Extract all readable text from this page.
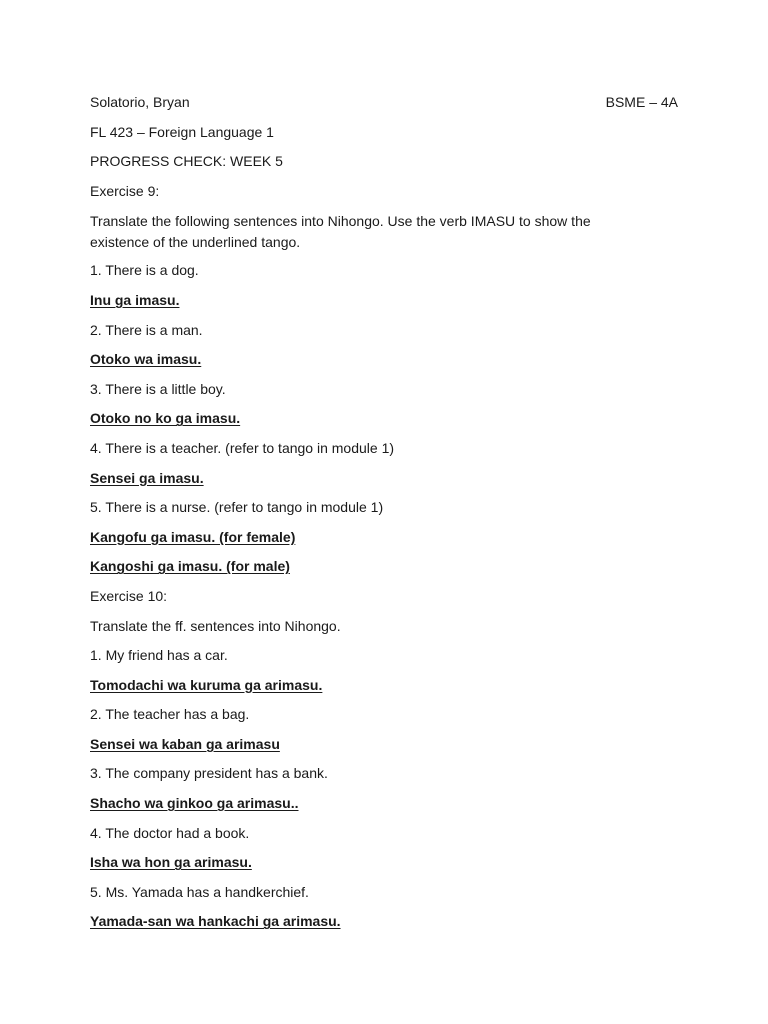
Solatorio, Bryan	BSME – 4A
FL 423 – Foreign Language 1
PROGRESS CHECK: WEEK 5
Exercise 9:
Translate the following sentences into Nihongo. Use the verb IMASU to show the existence of the underlined tango.
1. There is a dog.
Inu ga imasu.
2. There is a man.
Otoko wa imasu.
3. There is a little boy.
Otoko no ko ga imasu.
4. There is a teacher. (refer to tango in module 1)
Sensei ga imasu.
5. There is a nurse. (refer to tango in module 1)
Kangofu ga imasu. (for female)
Kangoshi ga imasu. (for male)
Exercise 10:
Translate the ff. sentences into Nihongo.
1. My friend has a car.
Tomodachi wa kuruma ga arimasu.
2. The teacher has a bag.
Sensei wa kaban ga arimasu
3. The company president has a bank.
Shacho wa ginkoo ga arimasu..
4. The doctor had a book.
Isha wa hon ga arimasu.
5. Ms. Yamada has a handkerchief.
Yamada-san wa hankachi ga arimasu.
